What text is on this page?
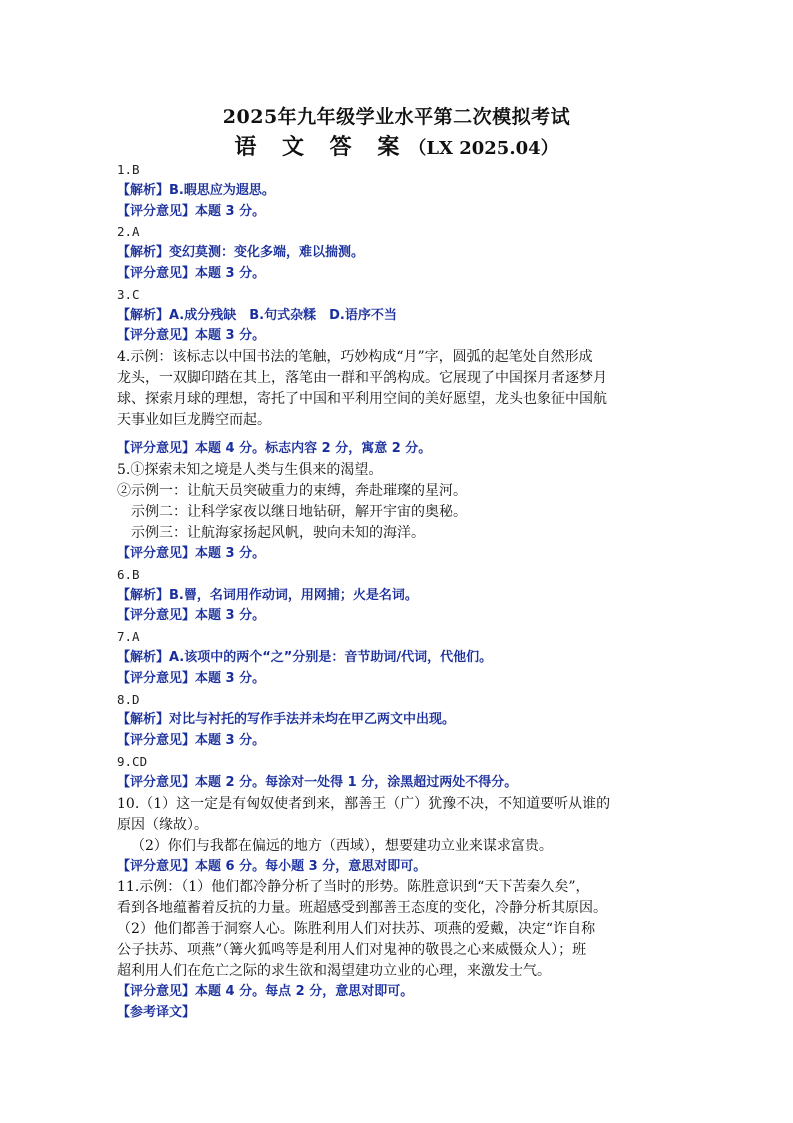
2025年九年级学业水平第二次模拟考试
语 文 答 案（LX 2025.04）
1.B
【解析】B.暇思应为遐思。
【评分意见】本题 3 分。
2.A
【解析】变幻莫测：变化多端，难以揣测。
【评分意见】本题 3 分。
3.C
【解析】A.成分残缺　B.句式杂糅　D.语序不当
【评分意见】本题 3 分。
4.示例：该标志以中国书法的笔触，巧妙构成“月”字，圆弧的起笔处自然形成
龙头，一双脚印踏在其上，落笔由一群和平鸽构成。它展现了中国探月者逐梦月
球、探索月球的理想，寄托了中国和平利用空间的美好愿望，龙头也象征中国航
天事业如巨龙腾空而起。
【评分意见】本题 4 分。标志内容 2 分，寓意 2 分。
5.①探索未知之境是人类与生俱来的渴望。
②示例一：让航天员突破重力的束缚，奔赴璀璨的星河。
示例二：让科学家夜以继日地钻研，解开宇宙的奥秘。
示例三：让航海家扬起风帆，驶向未知的海洋。
【评分意见】本题 3 分。
6.B
【解析】B.罾，名词用作动词，用网捕；火是名词。
【评分意见】本题 3 分。
7.A
【解析】A.该项中的两个“之”分别是：音节助词/代词，代他们。
【评分意见】本题 3 分。
8.D
【解析】对比与衬托的写作手法并未均在甲乙两文中出现。
【评分意见】本题 3 分。
9.CD
【评分意见】本题 2 分。每涂对一处得 1 分，涂黑超过两处不得分。
10.（1）这一定是有匈奴使者到来，鄯善王（广）犹豫不决，不知道要听从谁的
原因（缘故）。
（2）你们与我都在偏远的地方（西域），想要建功立业来谋求富贵。
【评分意见】本题 6 分。每小题 3 分，意思对即可。
11.示例：（1）他们都冷静分析了当时的形势。陈胜意识到“天下苦秦久矣”，
看到各地蕴蓄着反抗的力量。班超感受到鄯善王态度的变化，冷静分析其原因。
（2）他们都善于洞察人心。陈胜利用人们对扶苏、项燕的爱戴，决定“诈自称
公子扶苏、项燕”（篝火狐鸣等是利用人们对鬼神的敬畏之心来威慑众人）；班
超利用人们在危亡之际的求生欲和渴望建功立业的心理，来激发士气。
【评分意见】本题 4 分。每点 2 分，意思对即可。
【参考译文】
